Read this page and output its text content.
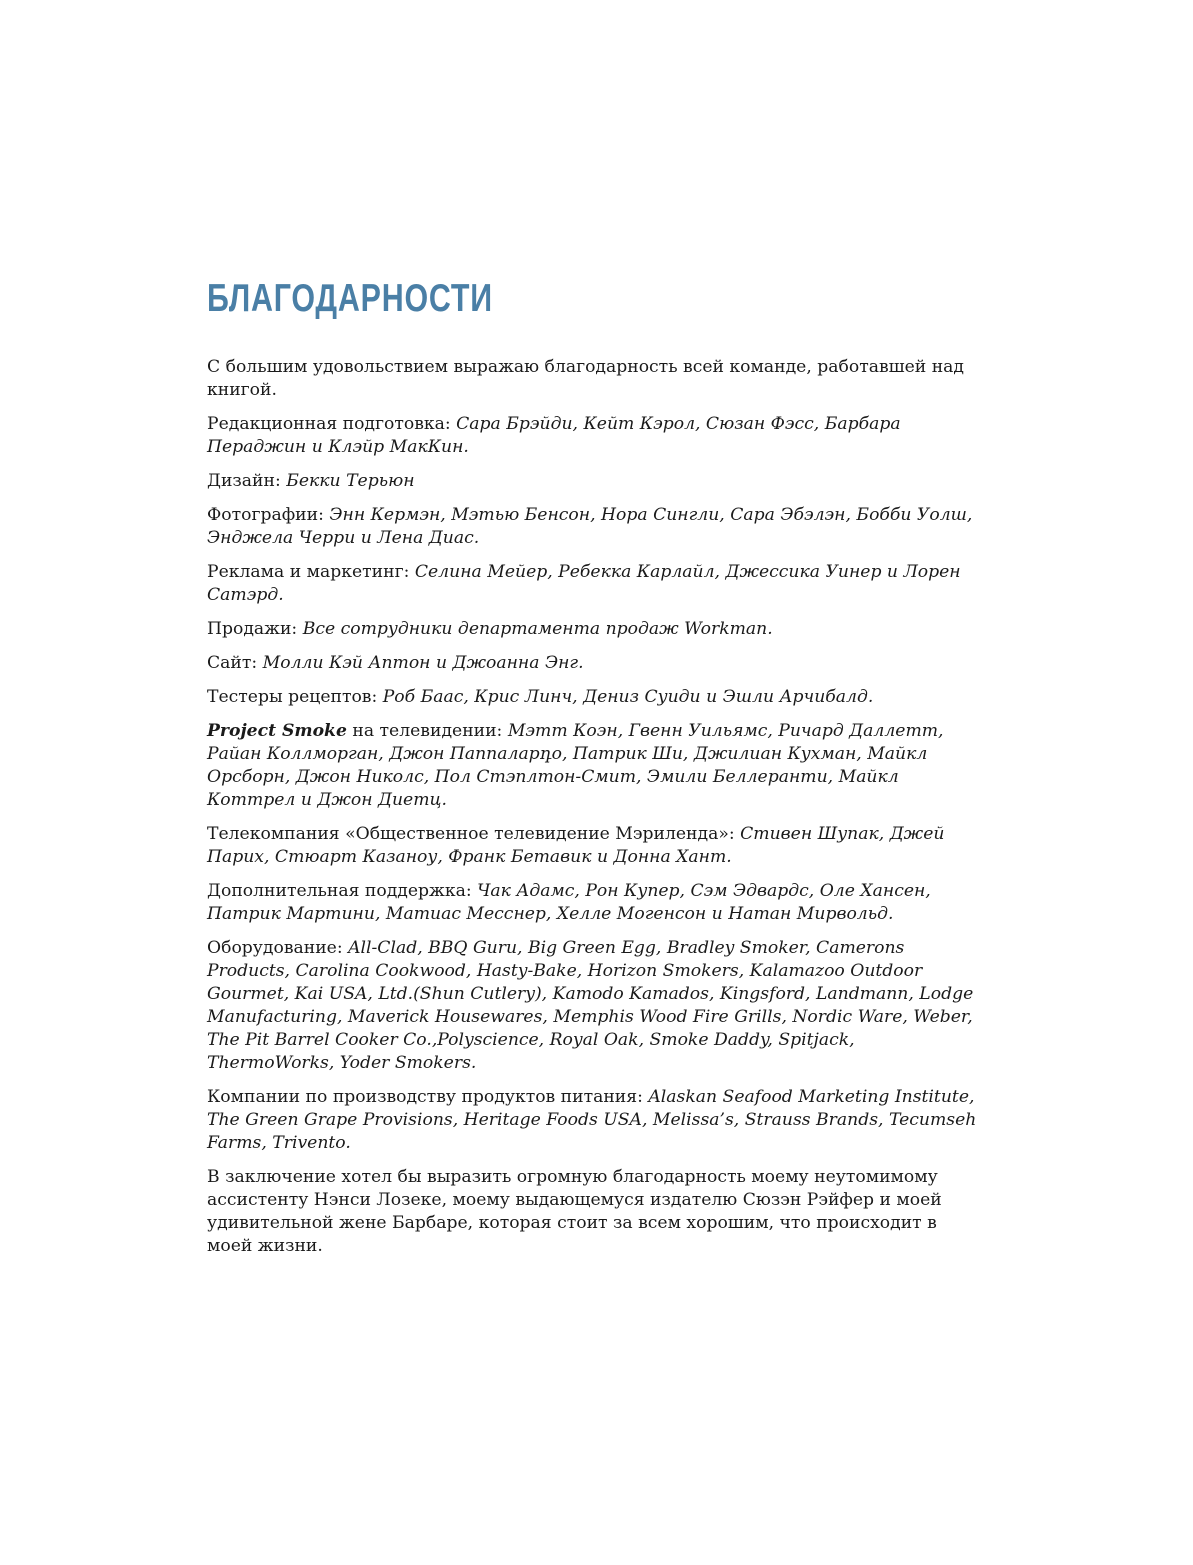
БЛАГОДАРНОСТИ

С большим удовольствием выражаю благодарность всей команде, работавшей над книгой.

Редакционная подготовка: Сара Брэйди, Кейт Кэрол, Сюзан Фэсс, Барбара Пераджин и Клэйр МакКин.

Дизайн: Бекки Терьюн

Фотографии: Энн Кермэн, Мэтью Бенсон, Нора Сингли, Сара Эбэлэн, Бобби Уолш, Энджела Черри и Лена Диас.

Реклама и маркетинг: Селина Мейер, Ребекка Карлайл, Джессика Уинер и Лорен Сатэрд.

Продажи: Все сотрудники департамента продаж Workman.

Сайт: Молли Кэй Аптон и Джоанна Энг.

Тестеры рецептов: Роб Баас, Крис Линч, Дениз Суиди и Эшли Арчибалд.

Project Smoke на телевидении: Мэтт Коэн, Гвенн Уильямс, Ричард Даллетт, Райан Коллморган, Джон Паппаларդо, Патрик Ши, Джилиан Кухман, Майкл Орсборн, Джон Николс, Пол Стэплтон-Смит, Эмили Беллеранти, Майкл Коттрел и Джон Диетц.

Телекомпания «Общественное телевидение Мэриленда»: Стивен Шупак, Джей Парих, Стюарт Казаноу, Франк Бетавик и Донна Хант.

Дополнительная поддержка: Чак Адамс, Рон Купер, Сэм Эдвардс, Оле Хансен, Патрик Мартини, Матиас Месснер, Хелле Могенсон и Натан Мирвольд.

Оборудование: All-Clad, BBQ Guru, Big Green Egg, Bradley Smoker, Camerons Products, Carolina Cookwood, Hasty-Bake, Horizon Smokers, Kalamazoo Outdoor Gourmet, Kai USA, Ltd.(Shun Cutlery), Kamodo Kamados, Kingsford, Landmann, Lodge Manufacturing, Maverick Housewares, Memphis Wood Fire Grills, Nordic Ware, Weber, The Pit Barrel Cooker Co.,Polyscience, Royal Oak, Smoke Daddy, Spitjack, ThermoWorks, Yoder Smokers.

Компании по производству продуктов питания: Alaskan Seafood Marketing Institute, The Green Grape Provisions, Heritage Foods USA, Melissa’s, Strauss Brands, Tecumseh Farms, Trivento.

В заключение хотел бы выразить огромную благодарность моему неутомимому ассистенту Нэнси Лозеке, моему выдающемуся издателю Сюзэн Рэйфер и моей удивительной жене Барбаре, которая стоит за всем хорошим, что происходит в моей жизни.
